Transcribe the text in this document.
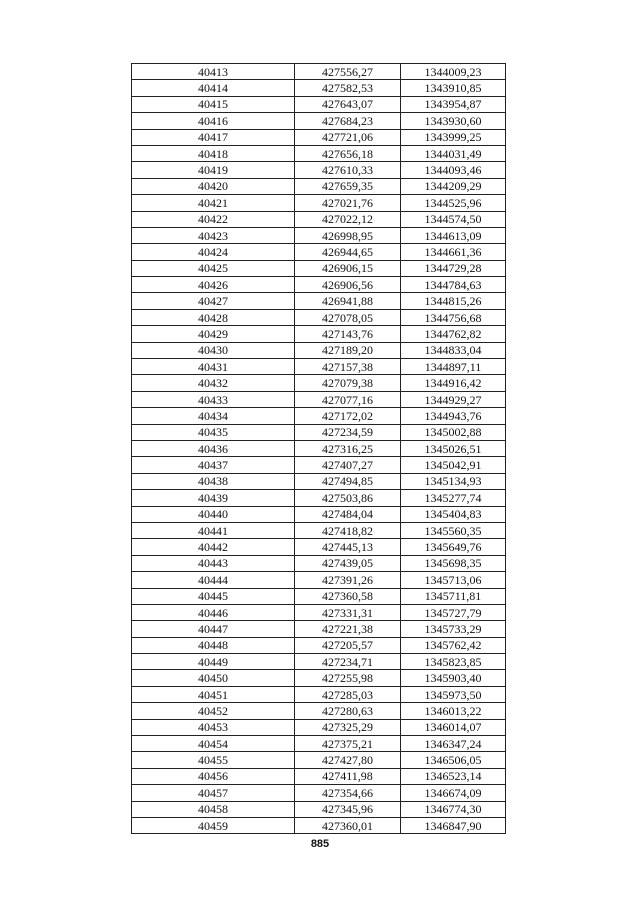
40413	427556,27	1344009,23
40414	427582,53	1343910,85
40415	427643,07	1343954,87
40416	427684,23	1343930,60
40417	427721,06	1343999,25
40418	427656,18	1344031,49
40419	427610,33	1344093,46
40420	427659,35	1344209,29
40421	427021,76	1344525,96
40422	427022,12	1344574,50
40423	426998,95	1344613,09
40424	426944,65	1344661,36
40425	426906,15	1344729,28
40426	426906,56	1344784,63
40427	426941,88	1344815,26
40428	427078,05	1344756,68
40429	427143,76	1344762,82
40430	427189,20	1344833,04
40431	427157,38	1344897,11
40432	427079,38	1344916,42
40433	427077,16	1344929,27
40434	427172,02	1344943,76
40435	427234,59	1345002,88
40436	427316,25	1345026,51
40437	427407,27	1345042,91
40438	427494,85	1345134,93
40439	427503,86	1345277,74
40440	427484,04	1345404,83
40441	427418,82	1345560,35
40442	427445,13	1345649,76
40443	427439,05	1345698,35
40444	427391,26	1345713,06
40445	427360,58	1345711,81
40446	427331,31	1345727,79
40447	427221,38	1345733,29
40448	427205,57	1345762,42
40449	427234,71	1345823,85
40450	427255,98	1345903,40
40451	427285,03	1345973,50
40452	427280,63	1346013,22
40453	427325,29	1346014,07
40454	427375,21	1346347,24
40455	427427,80	1346506,05
40456	427411,98	1346523,14
40457	427354,66	1346674,09
40458	427345,96	1346774,30
40459	427360,01	1346847,90
885
